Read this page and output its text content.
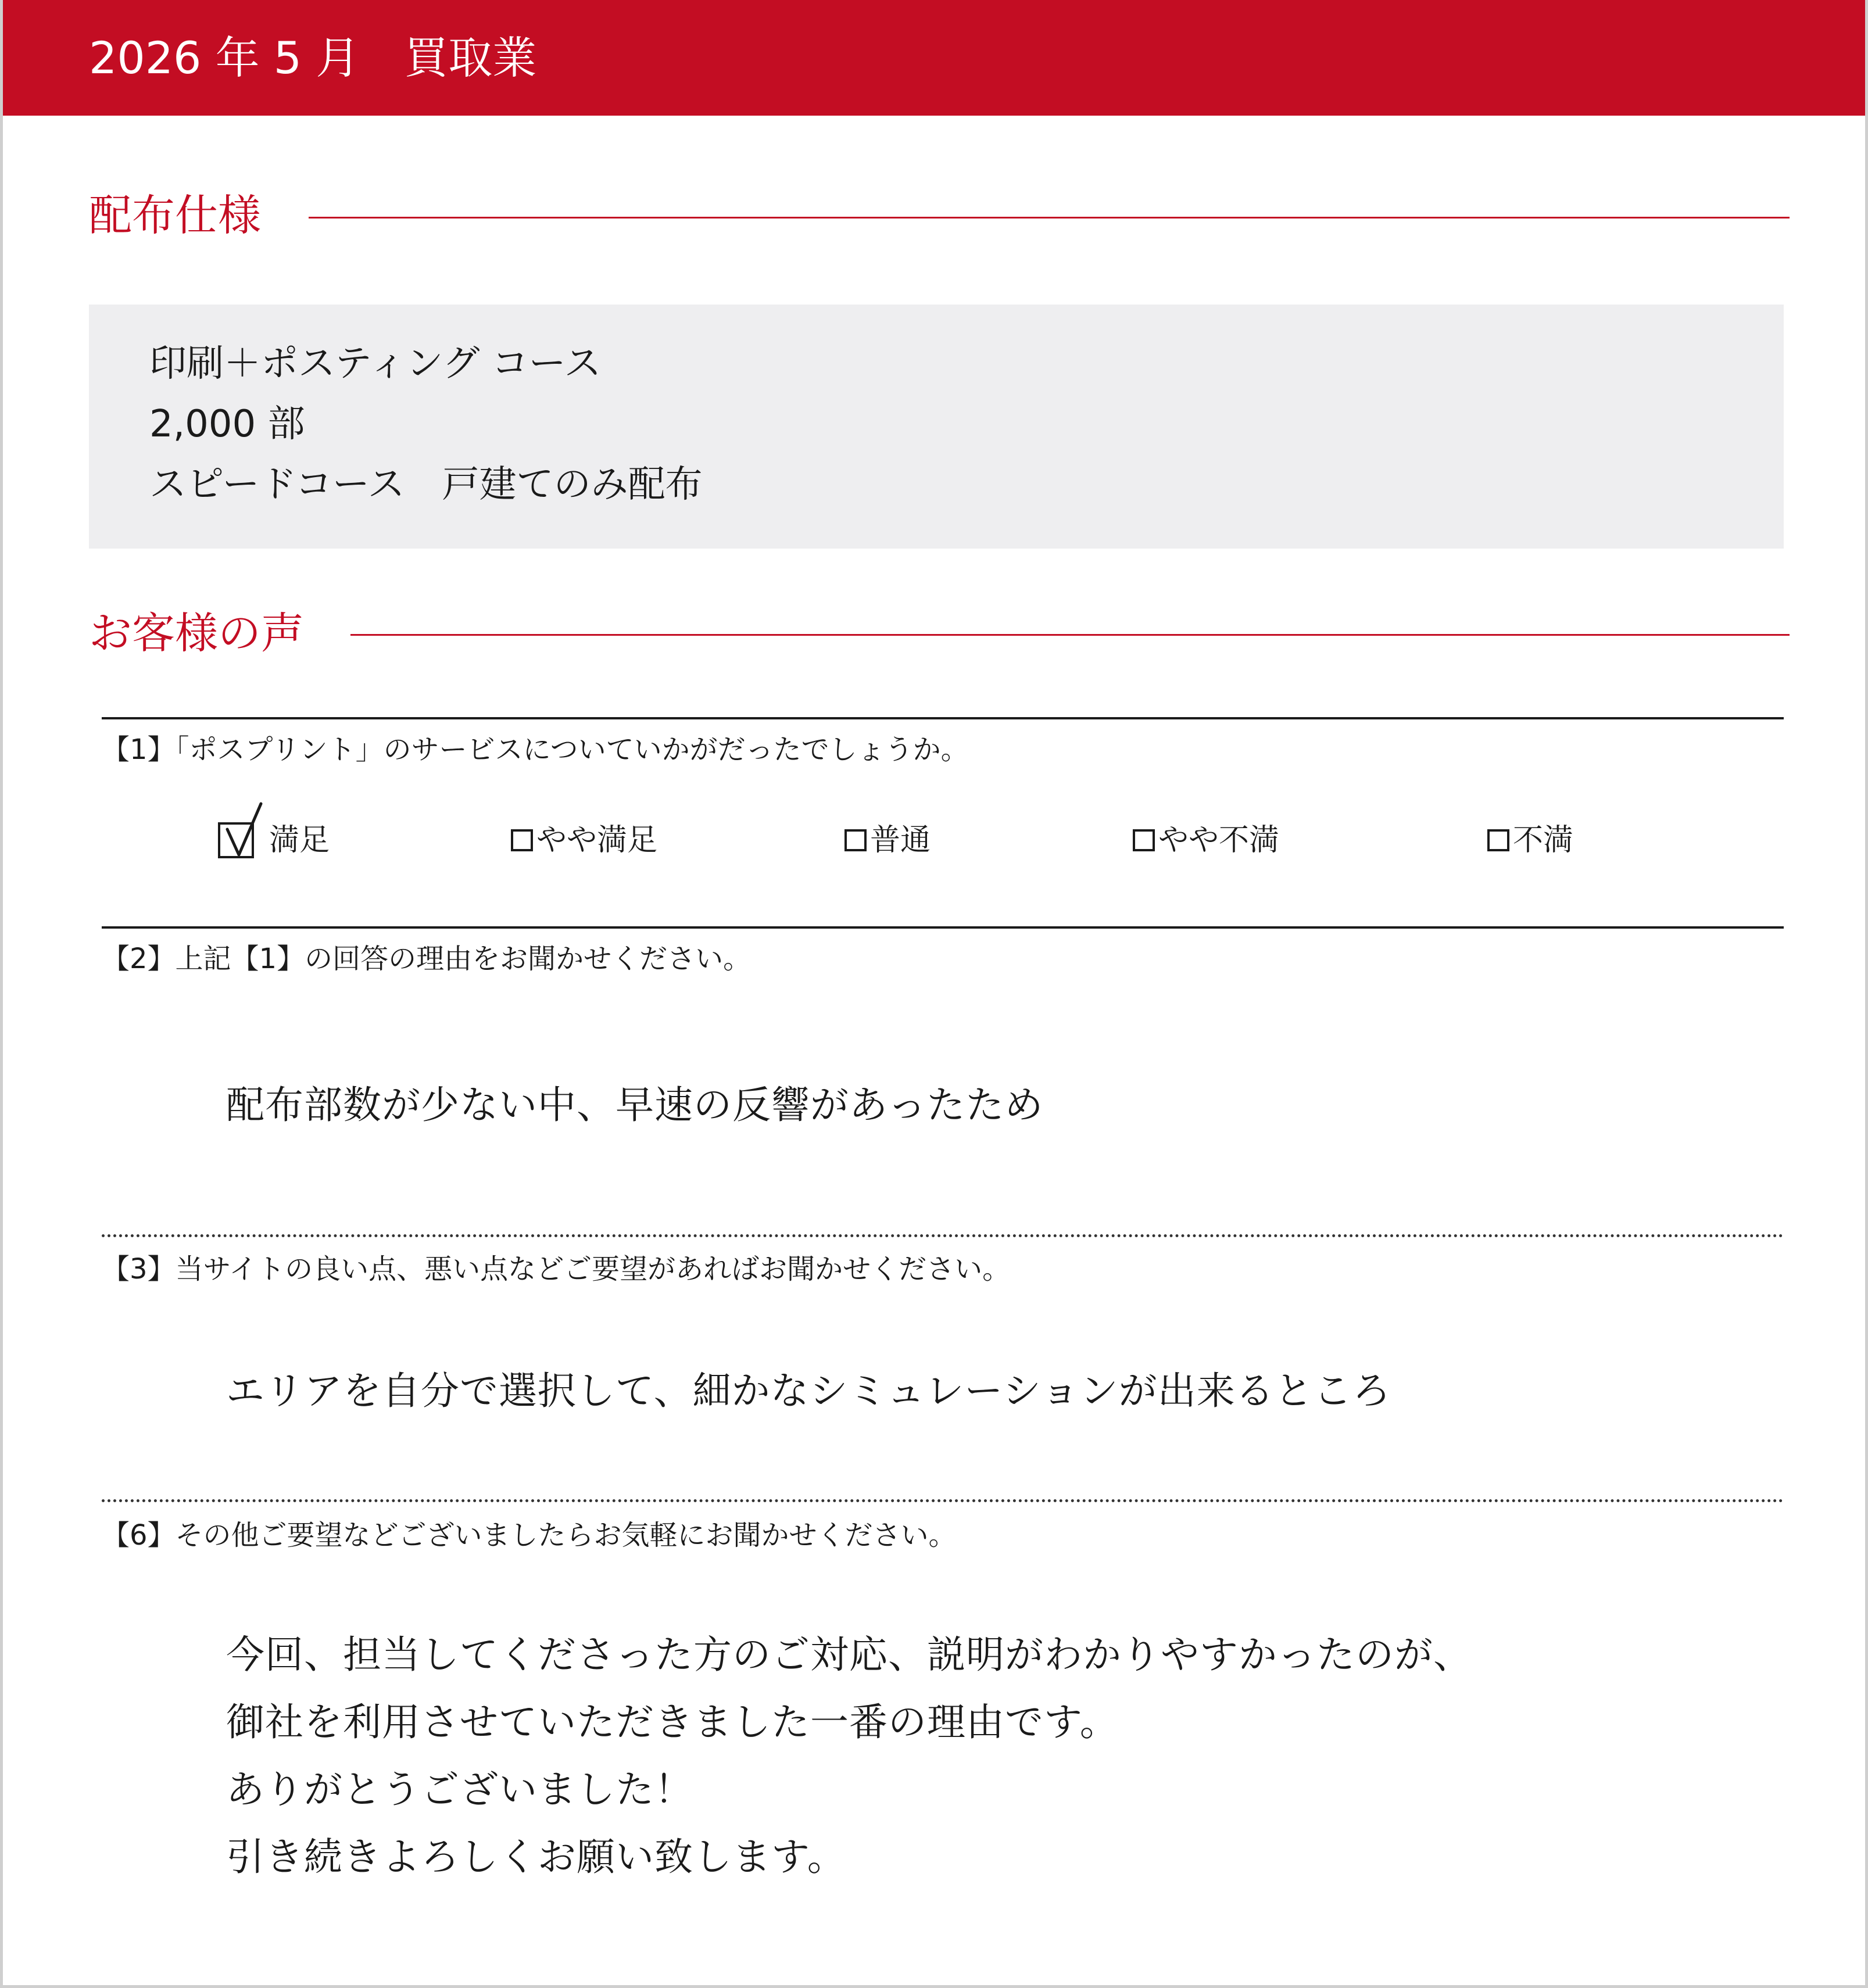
2026 年 5 月　買取業
配布仕様
印刷＋ポスティング コース
2,000 部
スピードコース　戸建てのみ配布
お客様の声
【1】「ポスプリント」のサービスについていかがだったでしょうか。

満足	やや満足	普通	やや不満	不満
【2】上記【1】の回答の理由をお聞かせください。
配布部数が少ない中、早速の反響があったため
【3】当サイトの良い点、悪い点などご要望があればお聞かせください。
エリアを自分で選択して、細かなシミュレーションが出来るところ
【6】その他ご要望などございましたらお気軽にお聞かせください。
今回、担当してくださった方のご対応、説明がわかりやすかったのが、
御社を利用させていただきました一番の理由です。
ありがとうございました！
引き続きよろしくお願い致します。
